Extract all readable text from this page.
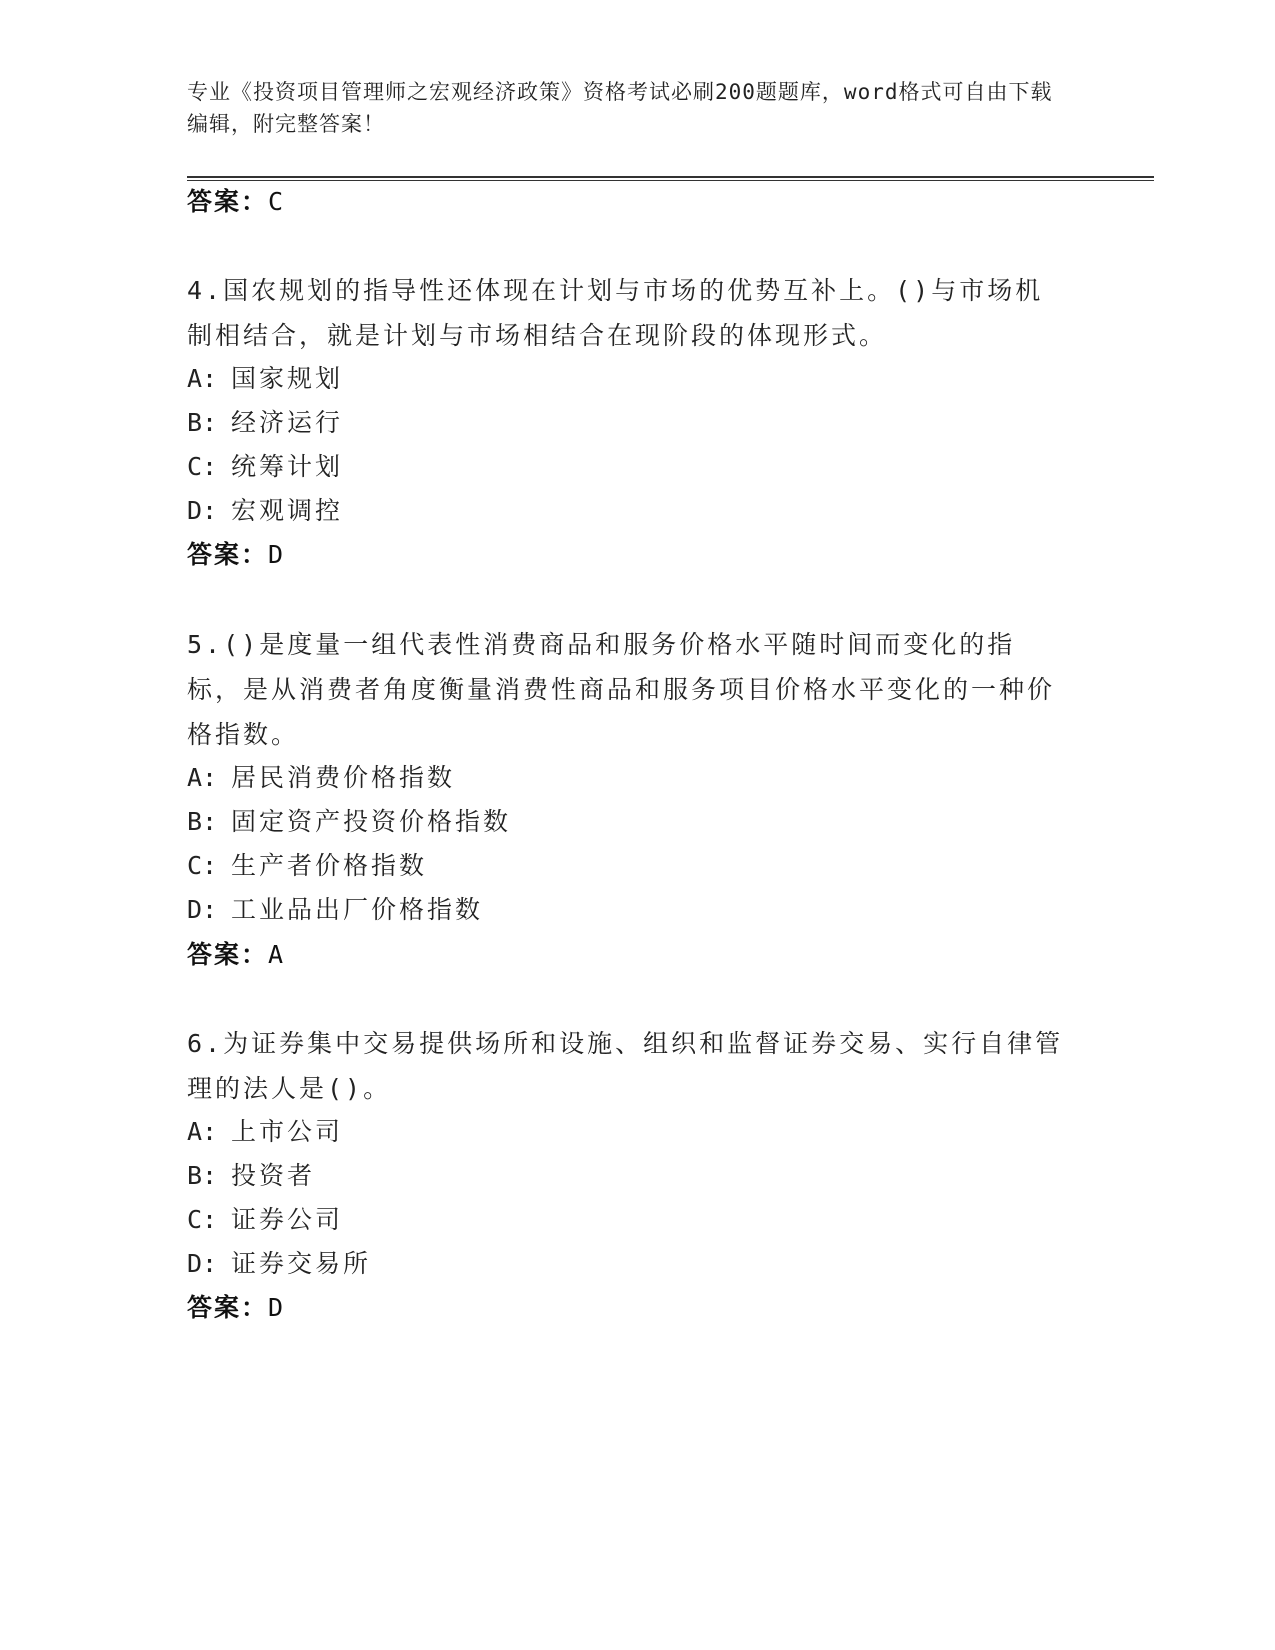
专业《投资项目管理师之宏观经济政策》资格考试必刷200题题库，word格式可自由下载编辑，附完整答案！
答案：C
4.国农规划的指导性还体现在计划与市场的优势互补上。()与市场机制相结合，就是计划与市场相结合在现阶段的体现形式。
A: 国家规划
B: 经济运行
C: 统筹计划
D: 宏观调控
答案：D
5.()是度量一组代表性消费商品和服务价格水平随时间而变化的指标，是从消费者角度衡量消费性商品和服务项目价格水平变化的一种价格指数。
A: 居民消费价格指数
B: 固定资产投资价格指数
C: 生产者价格指数
D: 工业品出厂价格指数
答案：A
6.为证券集中交易提供场所和设施、组织和监督证券交易、实行自律管理的法人是()。
A: 上市公司
B: 投资者
C: 证券公司
D: 证券交易所
答案：D
